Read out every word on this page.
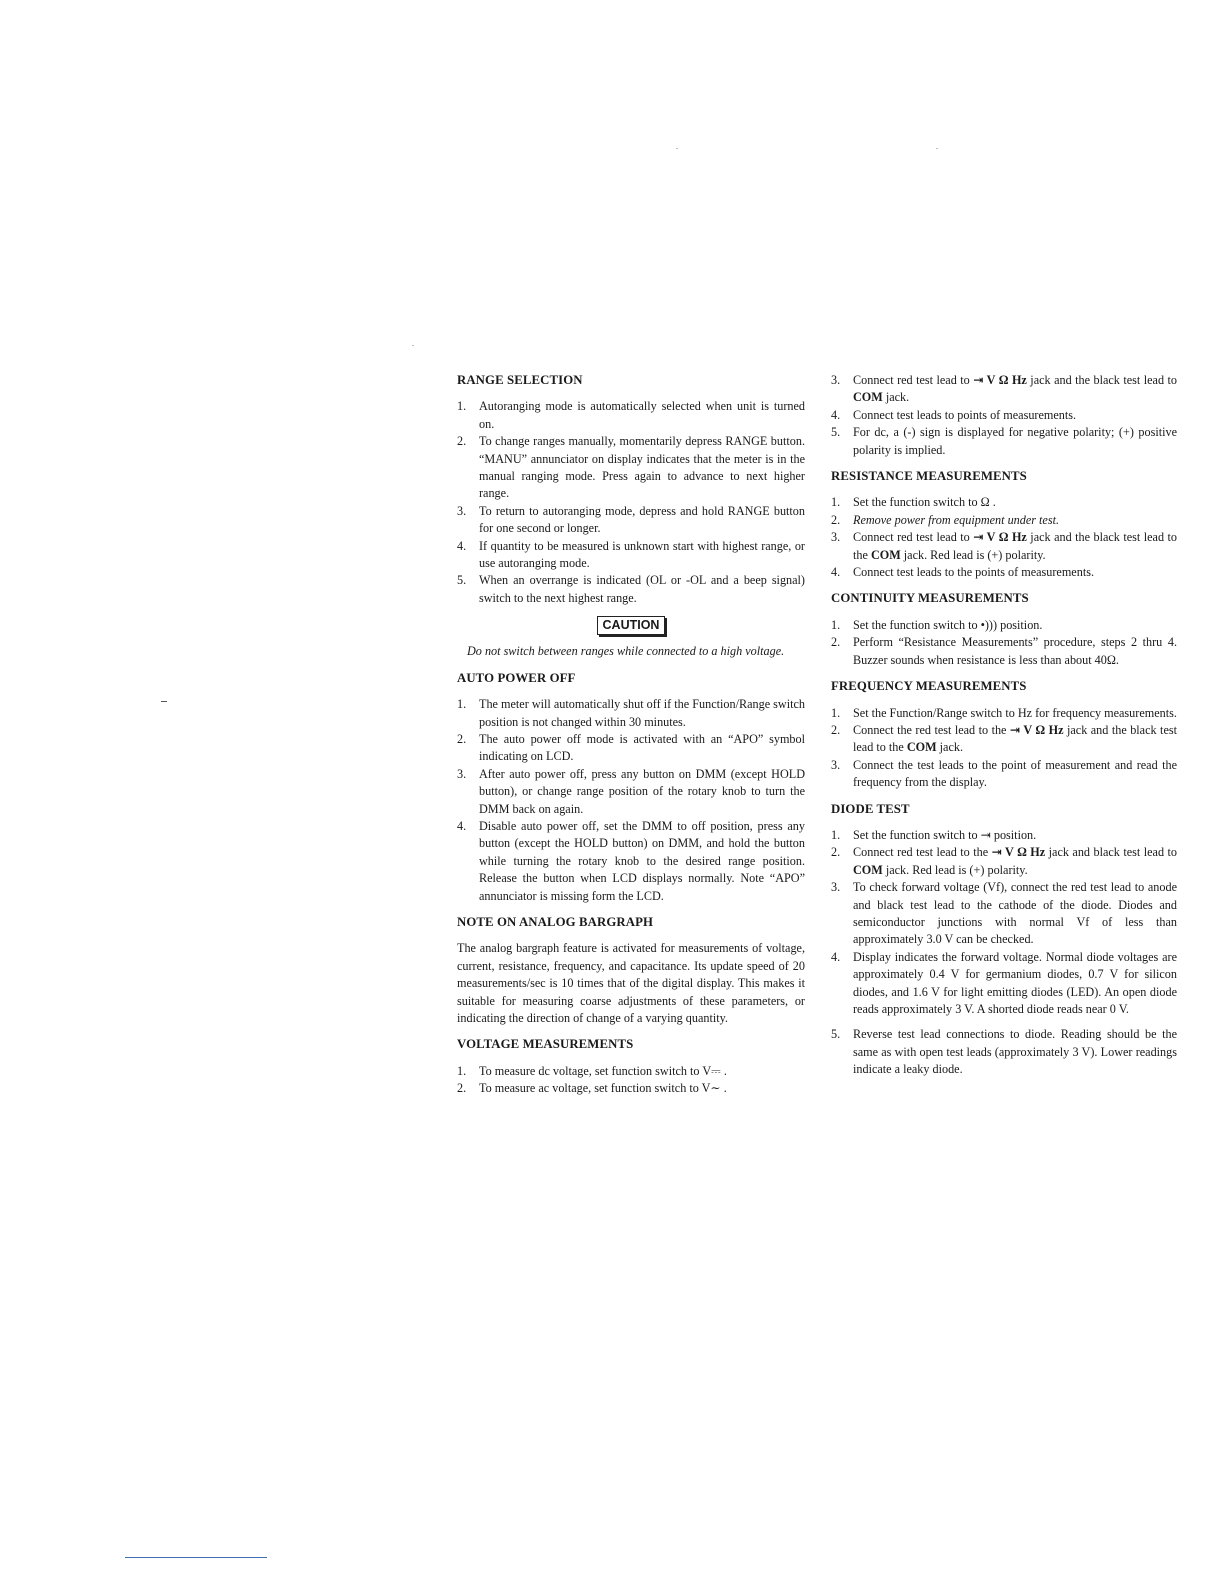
RANGE SELECTION
1. Autoranging mode is automatically selected when unit is turned on.
2. To change ranges manually, momentarily depress RANGE button. “MANU” annunciator on display indicates that the meter is in the manual ranging mode. Press again to advance to next higher range.
3. To return to autoranging mode, depress and hold RANGE button for one second or longer.
4. If quantity to be measured is unknown start with highest range, or use autoranging mode.
5. When an overrange is indicated (OL or -OL and a beep signal) switch to the next highest range.
CAUTION

Do not switch between ranges while connected to a high voltage.

AUTO POWER OFF
1. The meter will automatically shut off if the Function/Range switch position is not changed within 30 minutes.
2. The auto power off mode is activated with an “APO” symbol indicating on LCD.
3. After auto power off, press any button on DMM (except HOLD button), or change range position of the rotary knob to turn the DMM back on again.
4. Disable auto power off, set the DMM to off position, press any button (except the HOLD button) on DMM, and hold the button while turning the rotary knob to the desired range position. Release the button when LCD displays normally. Note “APO” annunciator is missing form the LCD.
NOTE ON ANALOG BARGRAPH

The analog bargraph feature is activated for measurements of voltage, current, resistance, frequency, and capacitance. Its update speed of 20 measurements/sec is 10 times that of the digital display. This makes it suitable for measuring coarse adjustments of these parameters, or indicating the direction of change of a varying quantity.

VOLTAGE MEASUREMENTS
1. To measure dc voltage, set function switch to V⎓ .
2. To measure ac voltage, set function switch to V∼ .
3. Connect red test lead to ⇥ V Ω Hz jack and the black test lead to COM jack.
4. Connect test leads to points of measurements.
5. For dc, a (-) sign is displayed for negative polarity; (+) positive polarity is implied.
RESISTANCE MEASUREMENTS
1. Set the function switch to Ω .
2. Remove power from equipment under test.
3. Connect red test lead to ⇥ V Ω Hz jack and the black test lead to the COM jack. Red lead is (+) polarity.
4. Connect test leads to the points of measurements.
CONTINUITY MEASUREMENTS
1. Set the function switch to •))) position.
2. Perform “Resistance Measurements” procedure, steps 2 thru 4. Buzzer sounds when resistance is less than about 40Ω.
FREQUENCY MEASUREMENTS
1. Set the Function/Range switch to Hz for frequency measurements.
2. Connect the red test lead to the ⇥ V Ω Hz jack and the black test lead to the COM jack.
3. Connect the test leads to the point of measurement and read the frequency from the display.
DIODE TEST
1. Set the function switch to ⇥ position.
2. Connect red test lead to the ⇥ V Ω Hz jack and black test lead to COM jack. Red lead is (+) polarity.
3. To check forward voltage (Vf), connect the red test lead to anode and black test lead to the cathode of the diode. Diodes and semiconductor junctions with normal Vf of less than approximately 3.0 V can be checked.
4. Display indicates the forward voltage. Normal diode voltages are approximately 0.4 V for germanium diodes, 0.7 V for silicon diodes, and 1.6 V for light emitting diodes (LED). An open diode reads approximately 3 V. A shorted diode reads near 0 V.
5. Reverse test lead connections to diode. Reading should be the same as with open test leads (approximately 3 V). Lower readings indicate a leaky diode.
